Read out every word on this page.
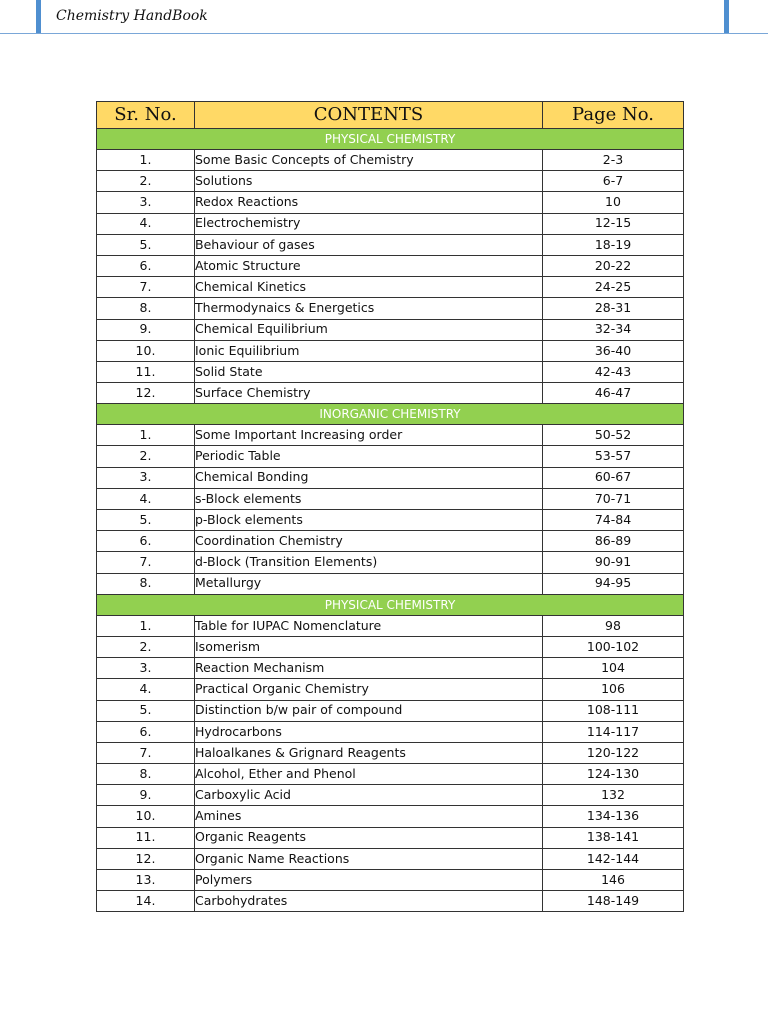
Chemistry HandBook
Sr. No.	CONTENTS	Page No.
PHYSICAL CHEMISTRY		
1.	Some Basic Concepts of Chemistry	2-3
2.	Solutions	6-7
3.	Redox Reactions	10
4.	Electrochemistry	12-15
5.	Behaviour of gases	18-19
6.	Atomic Structure	20-22
7.	Chemical Kinetics	24-25
8.	Thermodynaics & Energetics	28-31
9.	Chemical Equilibrium	32-34
10.	Ionic Equilibrium	36-40
11.	Solid State	42-43
12.	Surface Chemistry	46-47
INORGANIC CHEMISTRY		
1.	Some Important Increasing order	50-52
2.	Periodic Table	53-57
3.	Chemical Bonding	60-67
4.	s-Block elements	70-71
5.	p-Block elements	74-84
6.	Coordination Chemistry	86-89
7.	d-Block (Transition Elements)	90-91
8.	Metallurgy	94-95
PHYSICAL CHEMISTRY		
1.	Table for IUPAC Nomenclature	98
2.	Isomerism	100-102
3.	Reaction Mechanism	104
4.	Practical Organic Chemistry	106
5.	Distinction b/w pair of compound	108-111
6.	Hydrocarbons	114-117
7.	Haloalkanes & Grignard Reagents	120-122
8.	Alcohol, Ether and Phenol	124-130
9.	Carboxylic Acid	132
10.	Amines	134-136
11.	Organic Reagents	138-141
12.	Organic Name Reactions	142-144
13.	Polymers	146
14.	Carbohydrates	148-149
